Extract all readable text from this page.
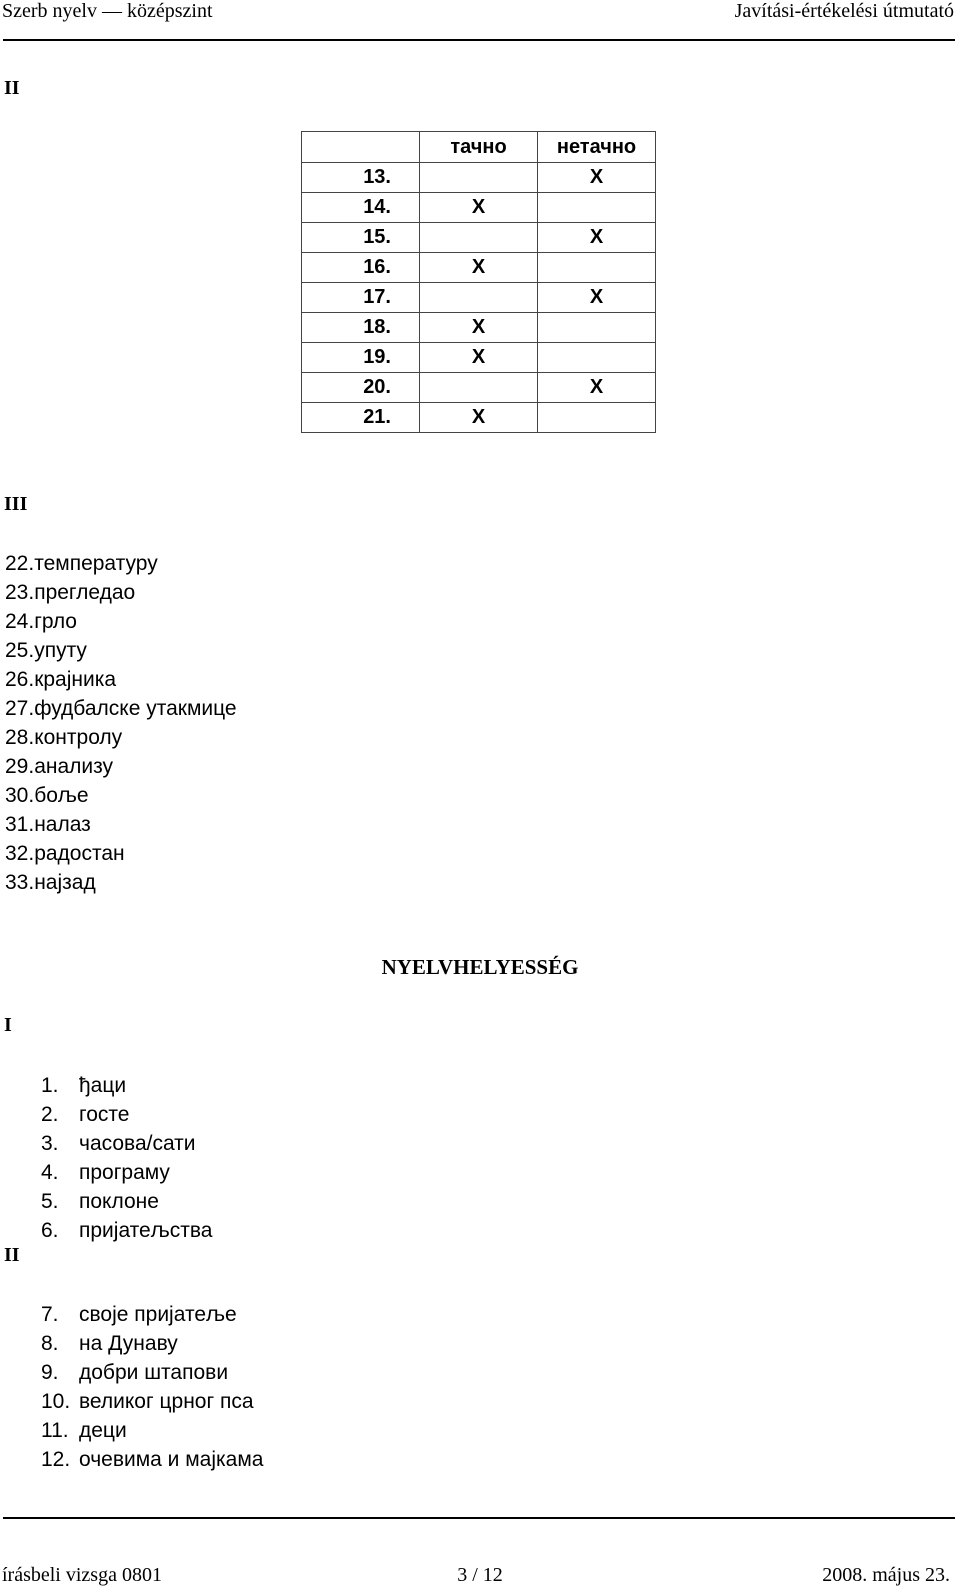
Szerb nyelv — középszint	Javítási-értékelési útmutató
II
	тачно	нетачно
13.		X
14.	X	
15.		X
16.	X	
17.		X
18.	X	
19.	X	
20.		X
21.	X	
III
22.температуру
23.прегледао
24.грло
25.упуту
26.крајника
27.фудбалске утакмице
28.контролу
29.анализу
30.боље
31.налаз
32.радостан
33.најзад
NYELVHELYESSÉG
I
1. ђаци
2. госте
3. часова/сати
4. програму
5. поклоне
6. пријатељства
II
7. своје пријатеље
8. на Дунаву
9. добри штапови
10. великог црног пса
11. деци
12. очевима и мајкама
írásbeli vizsga 0801	3 / 12	2008. május 23.
